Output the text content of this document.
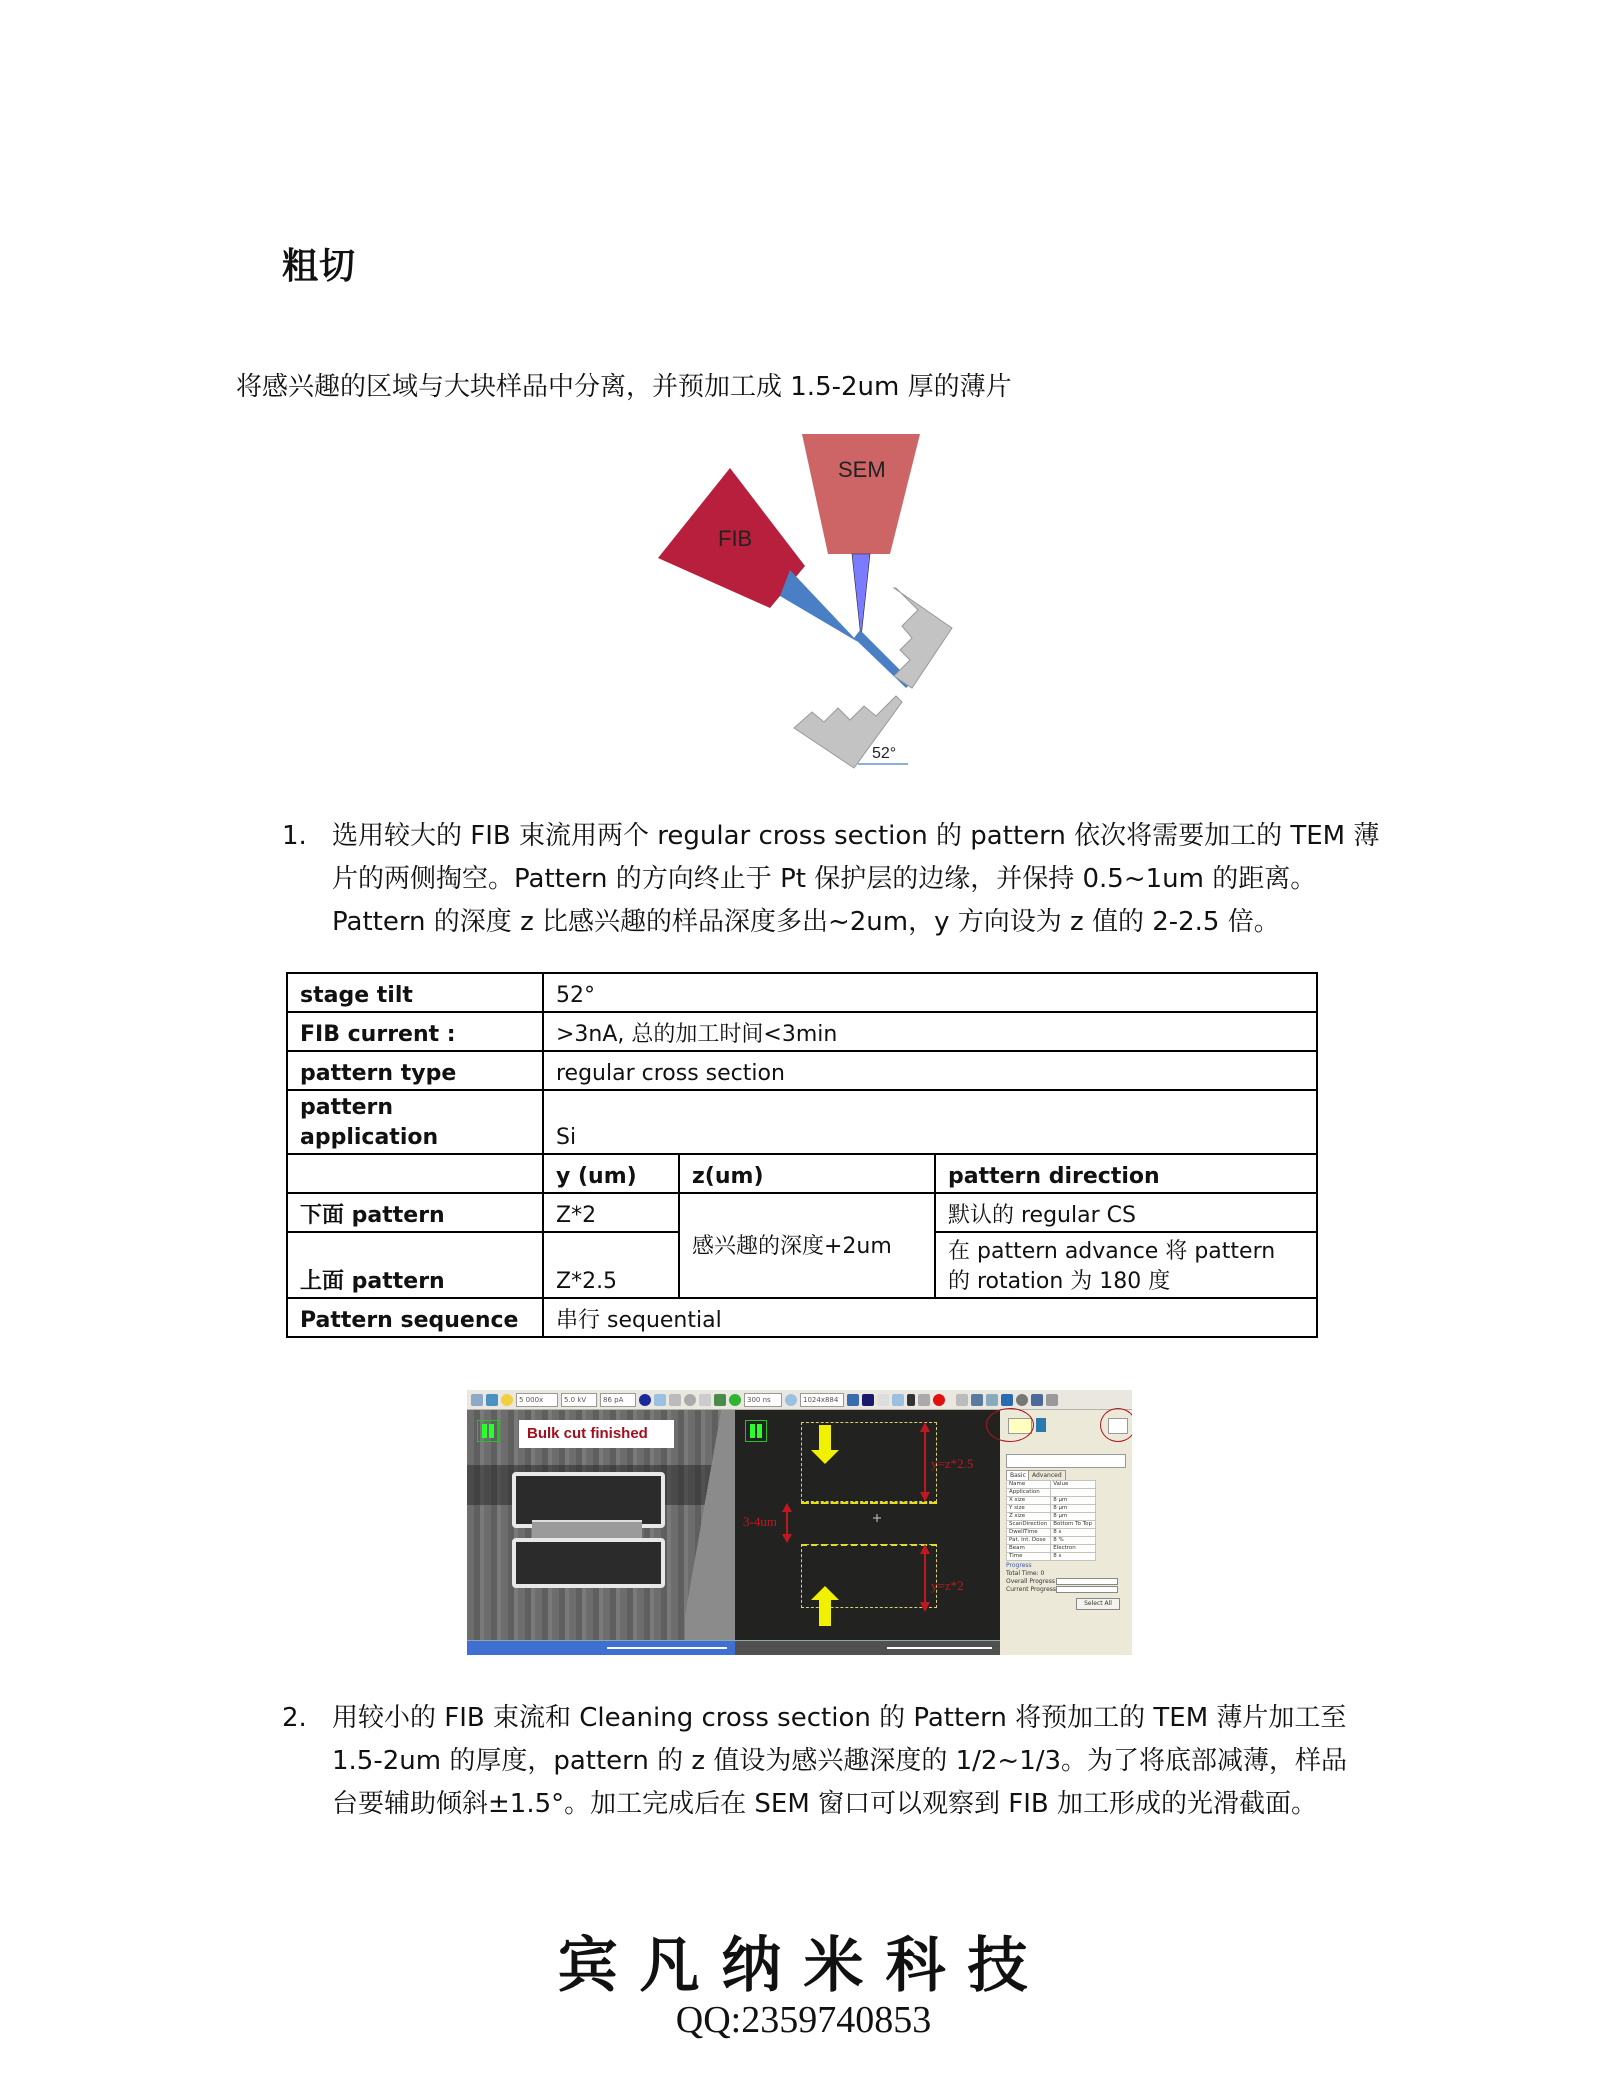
粗切
将感兴趣的区域与大块样品中分离，并预加工成 1.5-2um 厚的薄片
SEM
FIB
52°
1. 选用较大的 FIB 束流用两个 regular cross section 的 pattern 依次将需要加工的 TEM 薄片的两侧掏空。Pattern 的方向终止于 Pt 保护层的边缘，并保持 0.5~1um 的距离。Pattern 的深度 z 比感兴趣的样品深度多出~2um，y 方向设为 z 值的 2-2.5 倍。
stage tilt	52°		
FIB current :	>3nA, 总的加工时间<3min		
pattern type	regular cross section		
pattern application	Si		
	y (um)	z(um)	pattern direction
下面 pattern	Z*2	感兴趣的深度+2um	默认的 regular CS
上面 pattern	Z*2.5		在 pattern advance 将 pattern 的 rotation 为 180 度
Pattern sequence	串行 sequential		
5 000x	5.0 kV	86 pA	300 ns	1024x884
Bulk cut finished
y=z*2.5
y=z*2
3-4um
Basic	Advanced
Name	Value
Application	
X size	8 µm
Y size	8 µm
Z size	8 µm
ScanDirection	Bottom To Top
DwellTime	8 s
Pat. Int. Dose	8 %
Beam	Electron
Time	8 s
Progress
Total Time: 0
Overall Progress
Current Progress
Select All
2. 用较小的 FIB 束流和 Cleaning cross section 的 Pattern 将预加工的 TEM 薄片加工至 1.5-2um 的厚度，pattern 的 z 值设为感兴趣深度的 1/2~1/3。为了将底部减薄，样品台要辅助倾斜±1.5°。加工完成后在 SEM 窗口可以观察到 FIB 加工形成的光滑截面。
宾凡纳米科技
QQ:2359740853
